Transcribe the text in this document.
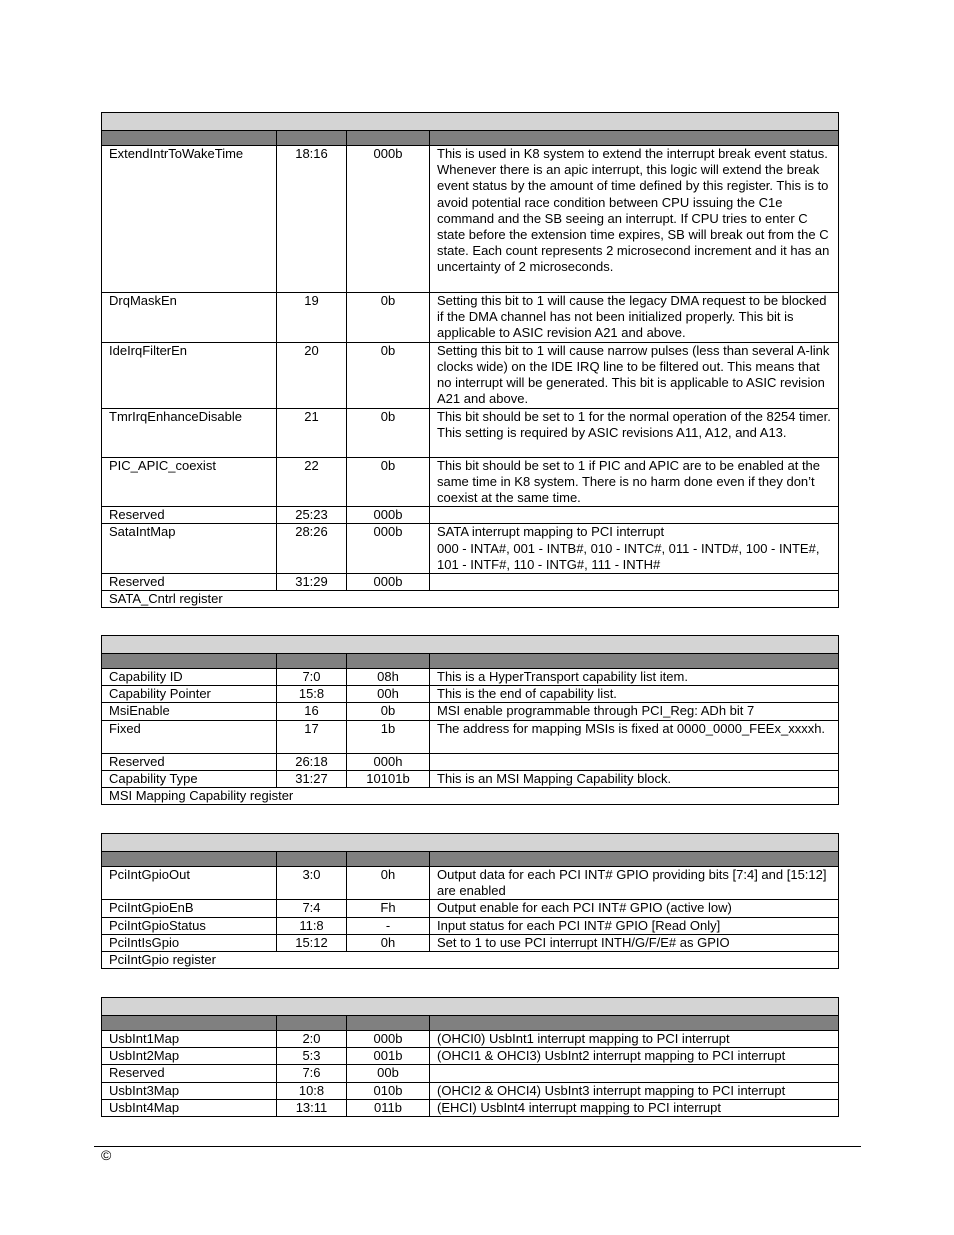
ExtendIntrToWakeTime	18:16	000b	This is used in K8 system to extend the interrupt break event status. Whenever there is an apic interrupt, this logic will extend the break event status by the amount of time defined by this register. This is to avoid potential race condition between CPU issuing the C1e command and the SB seeing an interrupt. If CPU tries to enter C state before the extension time expires, SB will break out from the C state. Each count represents 2 microsecond increment and it has an uncertainty of 2 microseconds.
DrqMaskEn	19	0b	Setting this bit to 1 will cause the legacy DMA request to be blocked if the DMA channel has not been initialized properly. This bit is applicable to ASIC revision A21 and above.
IdeIrqFilterEn	20	0b	Setting this bit to 1 will cause narrow pulses (less than several A-link clocks wide) on the IDE IRQ line to be filtered out. This means that no interrupt will be generated. This bit is applicable to ASIC revision A21 and above.
TmrIrqEnhanceDisable	21	0b	This bit should be set to 1 for the normal operation of the 8254 timer. This setting is required by ASIC revisions A11, A12, and A13.
PIC_APIC_coexist	22	0b	This bit should be set to 1 if PIC and APIC are to be enabled at the same time in K8 system. There is no harm done even if they don’t coexist at the same time.
Reserved	25:23	000b	
SataIntMap	28:26	000b	SATA interrupt mapping to PCI interrupt
000 - INTA#, 001 - INTB#, 010 - INTC#, 011 - INTD#, 100 - INTE#, 101 - INTF#, 110 - INTG#, 111 - INTH#
Reserved	31:29	000b	
SATA_Cntrl register			

Capability ID	7:0	08h	This is a HyperTransport capability list item.
Capability Pointer	15:8	00h	This is the end of capability list.
MsiEnable	16	0b	MSI enable programmable through PCI_Reg: ADh bit 7
Fixed	17	1b	The address for mapping MSIs is fixed at 0000_0000_FEEx_xxxxh.
Reserved	26:18	000h	
Capability Type	31:27	10101b	This is an MSI Mapping Capability block.
MSI Mapping Capability register			

PciIntGpioOut	3:0	0h	Output data for each PCI INT# GPIO providing bits [7:4] and [15:12] are enabled
PciIntGpioEnB	7:4	Fh	Output enable for each PCI INT# GPIO (active low)
PciIntGpioStatus	11:8	-	Input status for each PCI INT# GPIO [Read Only]
PciIntIsGpio	15:12	0h	Set to 1 to use PCI interrupt INTH/G/F/E# as GPIO
PciIntGpio register			

UsbInt1Map	2:0	000b	(OHCI0) UsbInt1 interrupt mapping to PCI interrupt
UsbInt2Map	5:3	001b	(OHCI1 & OHCI3) UsbInt2 interrupt mapping to PCI interrupt
Reserved	7:6	00b	
UsbInt3Map	10:8	010b	(OHCI2 & OHCI4) UsbInt3 interrupt mapping to PCI interrupt
UsbInt4Map	13:11	011b	(EHCI) UsbInt4 interrupt mapping to PCI interrupt
©
